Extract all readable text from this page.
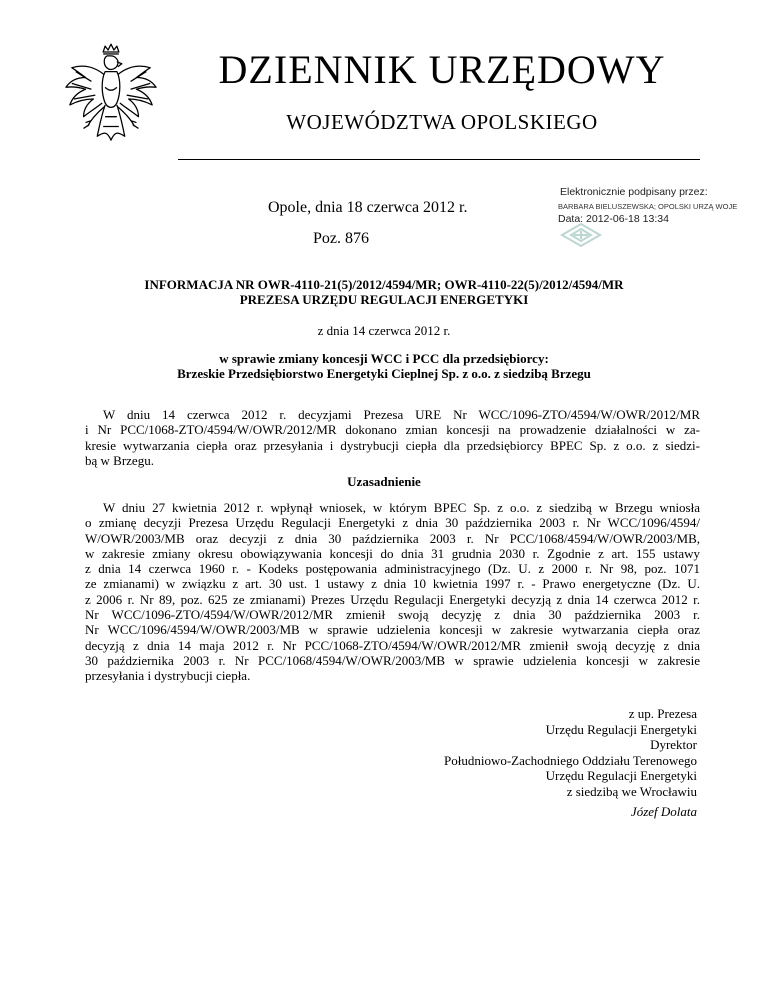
DZIENNIK URZĘDOWY
WOJEWÓDZTWA OPOLSKIEGO
Opole, dnia 18 czerwca 2012 r.
Poz. 876
Elektronicznie podpisany przez:
BARBARA BIELUSZEWSKA; OPOLSKI URZĄ WOJE
Data: 2012-06-18 13:34
INFORMACJA NR OWR-4110-21(5)/2012/4594/MR; OWR-4110-22(5)/2012/4594/MR
PREZESA URZĘDU REGULACJI ENERGETYKI
z dnia 14 czerwca 2012 r.
w sprawie zmiany koncesji WCC i PCC dla przedsiębiorcy:
Brzeskie Przedsiębiorstwo Energetyki Cieplnej Sp. z o.o. z siedzibą Brzegu
W dniu 14 czerwca 2012 r. decyzjami Prezesa URE Nr WCC/1096-ZTO/4594/W/OWR/2012/MR
i Nr PCC/1068-ZTO/4594/W/OWR/2012/MR dokonano zmian koncesji na prowadzenie działalności w za-
kresie wytwarzania ciepła oraz przesyłania i dystrybucji ciepła dla przedsiębiorcy BPEC Sp. z o.o. z siedzi-
bą w Brzegu.
Uzasadnienie
W dniu 27 kwietnia 2012 r. wpłynął wniosek, w którym BPEC Sp. z o.o. z siedzibą w Brzegu wniosła
o zmianę decyzji Prezesa Urzędu Regulacji Energetyki z dnia 30 października 2003 r. Nr WCC/1096/4594/
W/OWR/2003/MB oraz decyzji z dnia 30 października 2003 r. Nr PCC/1068/4594/W/OWR/2003/MB,
w zakresie zmiany okresu obowiązywania koncesji do dnia 31 grudnia 2030 r. Zgodnie z art. 155 ustawy
z dnia 14 czerwca 1960 r. - Kodeks postępowania administracyjnego (Dz. U. z 2000 r. Nr 98, poz. 1071
ze zmianami) w związku z art. 30 ust. 1 ustawy z dnia 10 kwietnia 1997 r. - Prawo energetyczne (Dz. U.
z 2006 r. Nr 89, poz. 625 ze zmianami) Prezes Urzędu Regulacji Energetyki decyzją z dnia 14 czerwca 2012 r.
Nr WCC/1096-ZTO/4594/W/OWR/2012/MR zmienił swoją decyzję z dnia 30 października 2003 r.
Nr WCC/1096/4594/W/OWR/2003/MB w sprawie udzielenia koncesji w zakresie wytwarzania ciepła oraz
decyzją z dnia 14 maja 2012 r. Nr PCC/1068-ZTO/4594/W/OWR/2012/MR zmienił swoją decyzję z dnia
30 października 2003 r. Nr PCC/1068/4594/W/OWR/2003/MB w sprawie udzielenia koncesji w zakresie
przesyłania i dystrybucji ciepła.
z up. Prezesa
Urzędu Regulacji Energetyki
Dyrektor
Południowo-Zachodniego Oddziału Terenowego
Urzędu Regulacji Energetyki
z siedzibą we Wrocławiu
Józef Dolata
